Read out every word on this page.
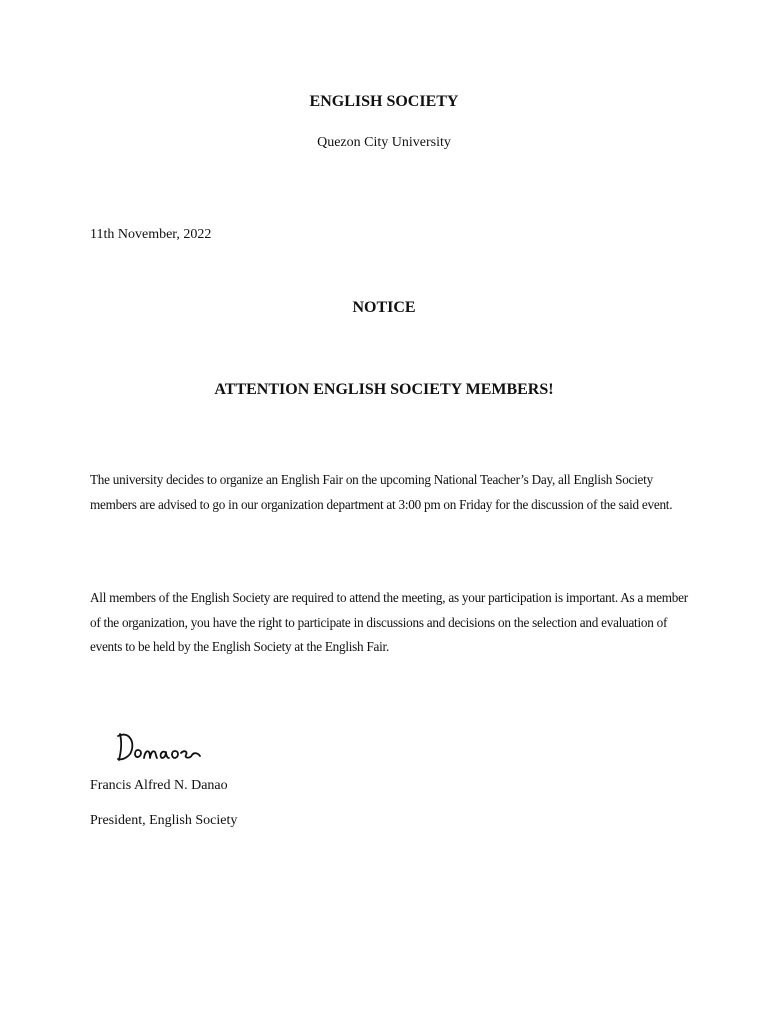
ENGLISH SOCIETY
Quezon City University
11th November, 2022
NOTICE
ATTENTION ENGLISH SOCIETY MEMBERS!
The university decides to organize an English Fair on the upcoming National Teacher’s Day, all English Society members are advised to go in our organization department at 3:00 pm on Friday for the discussion of the said event.
All members of the English Society are required to attend the meeting, as your participation is important. As a member of the organization, you have the right to participate in discussions and decisions on the selection and evaluation of events to be held by the English Society at the English Fair.
Francis Alfred N. Danao
President, English Society
